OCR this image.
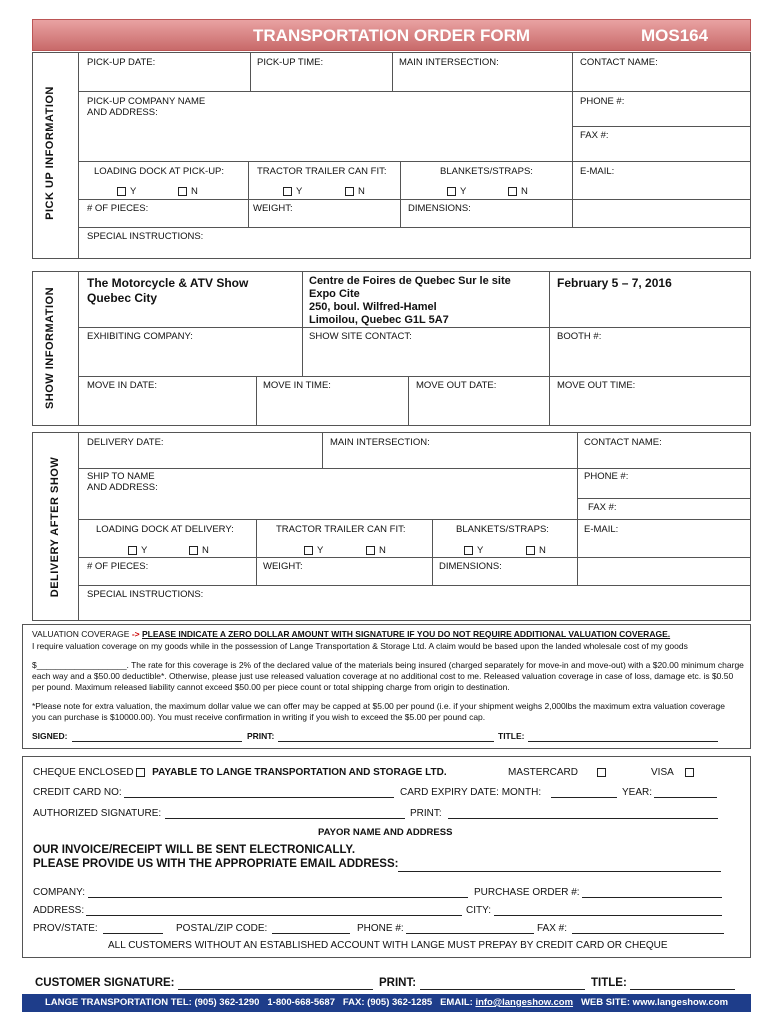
TRANSPORTATION ORDER FORM	MOS164
PICK UP INFORMATION
PICK-UP DATE:	PICK-UP TIME:	MAIN INTERSECTION:	CONTACT NAME:
PICK-UP COMPANY NAME
AND ADDRESS:
PHONE #:
FAX #:
LOADING DOCK AT PICK-UP:	TRACTOR TRAILER CAN FIT:	BLANKETS/STRAPS:	E-MAIL:
Y	N	Y	N	Y	N
# OF PIECES:	WEIGHT:	DIMENSIONS:
SPECIAL INSTRUCTIONS:
SHOW INFORMATION
The Motorcycle & ATV Show
Quebec City
Centre de Foires de Quebec Sur le site
Expo Cite
250, boul. Wilfred-Hamel
Limoilou, Quebec G1L 5A7
February 5 – 7, 2016
EXHIBITING COMPANY:	SHOW SITE CONTACT:	BOOTH #:
MOVE IN DATE:	MOVE IN TIME:	MOVE OUT DATE:	MOVE OUT TIME:
DELIVERY AFTER SHOW
DELIVERY DATE:	MAIN INTERSECTION:	CONTACT NAME:
SHIP TO NAME
AND ADDRESS:
PHONE #:
FAX #:
LOADING DOCK AT DELIVERY:	TRACTOR TRAILER CAN FIT:	BLANKETS/STRAPS:	E-MAIL:
Y	N	Y	N	Y	N
# OF PIECES:	WEIGHT:	DIMENSIONS:
SPECIAL INSTRUCTIONS:
VALUATION COVERAGE -> PLEASE INDICATE A ZERO DOLLAR AMOUNT WITH SIGNATURE IF YOU DO NOT REQUIRE ADDITIONAL VALUATION COVERAGE.
I require valuation coverage on my goods while in the possession of Lange Transportation & Storage Ltd. A claim would be based upon the landed wholesale cost of my goods
$___________________. The rate for this coverage is 2% of the declared value of the materials being insured (charged separately for move-in and move-out) with a $20.00 minimum charge each way and a $50.00 deductible*. Otherwise, please just use released valuation coverage at no additional cost to me. Released valuation coverage in case of loss, damage etc. is $0.50 per pound. Maximum released liability cannot exceed $50.00 per piece count or total shipping charge from origin to destination.
*Please note for extra valuation, the maximum dollar value we can offer may be capped at $5.00 per pound (i.e. if your shipment weighs 2,000lbs the maximum extra valuation coverage you can purchase is $10000.00). You must receive confirmation in writing if you wish to exceed the $5.00 per pound cap.
SIGNED:	PRINT:	TITLE:
CHEQUE ENCLOSED PAYABLE TO LANGE TRANSPORTATION AND STORAGE LTD.	MASTERCARD	VISA
CREDIT CARD NO:	CARD EXPIRY DATE: MONTH:	YEAR:
AUTHORIZED SIGNATURE:	PRINT:
PAYOR NAME AND ADDRESS
OUR INVOICE/RECEIPT WILL BE SENT ELECTRONICALLY.
PLEASE PROVIDE US WITH THE APPROPRIATE EMAIL ADDRESS:
COMPANY:	PURCHASE ORDER #:
ADDRESS:	CITY:
PROV/STATE:	POSTAL/ZIP CODE:	PHONE #:	FAX #:
ALL CUSTOMERS WITHOUT AN ESTABLISHED ACCOUNT WITH LANGE MUST PREPAY BY CREDIT CARD OR CHEQUE
CUSTOMER SIGNATURE:	PRINT:	TITLE:
LANGE TRANSPORTATION TEL: (905) 362-1290 1-800-668-5687 FAX: (905) 362-1285 EMAIL: info@langeshow.com WEB SITE: www.langeshow.com
